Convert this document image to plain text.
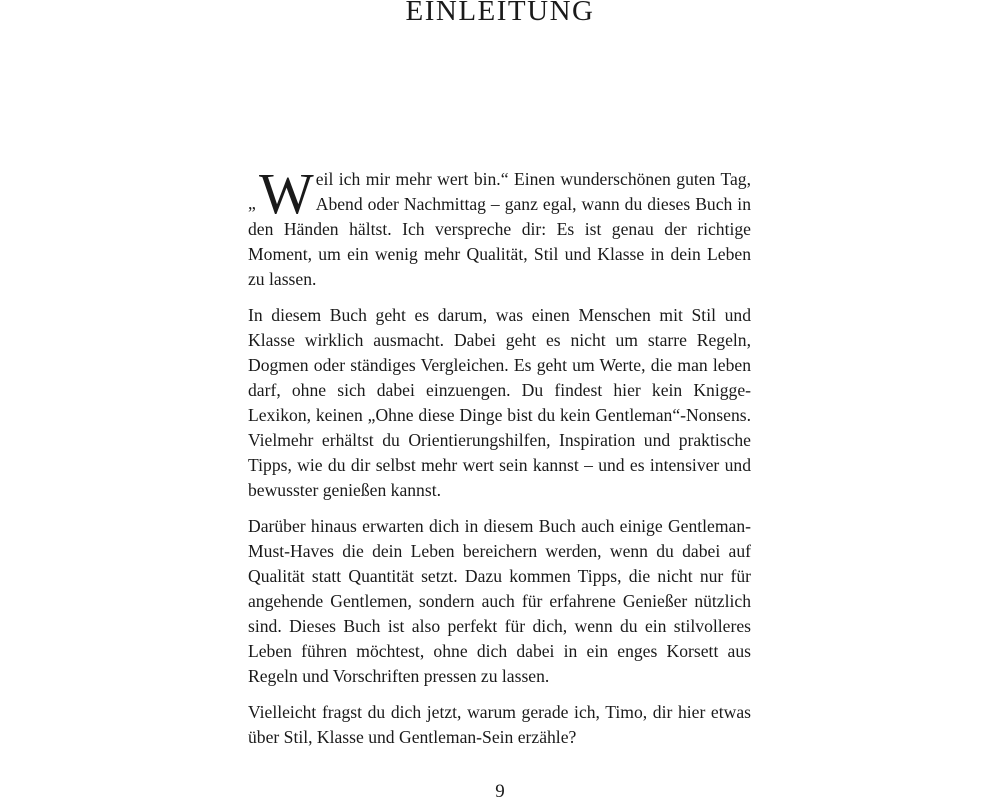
EINLEITUNG

„ W eil ich mir mehr wert bin.“ Einen wunderschönen guten Tag, Abend oder Nachmittag – ganz egal, wann du dieses Buch in den Händen hältst. Ich verspreche dir: Es ist genau der richtige Moment, um ein wenig mehr Qualität, Stil und Klasse in dein Leben zu lassen.

In diesem Buch geht es darum, was einen Menschen mit Stil und Klasse wirklich ausmacht. Dabei geht es nicht um starre Regeln, Dogmen oder ständiges Vergleichen. Es geht um Werte, die man leben darf, ohne sich dabei einzuengen. Du findest hier kein Knigge-Lexikon, keinen „Ohne diese Dinge bist du kein Gentleman“-Nonsens. Vielmehr erhältst du Orientierungshilfen, Inspiration und praktische Tipps, wie du dir selbst mehr wert sein kannst – und es intensiver und bewusster genießen kannst.

Darüber hinaus erwarten dich in diesem Buch auch einige Gentleman-Must-Haves die dein Leben bereichern werden, wenn du dabei auf Qualität statt Quantität setzt. Dazu kommen Tipps, die nicht nur für angehende Gentlemen, sondern auch für erfahrene Genießer nützlich sind. Dieses Buch ist also perfekt für dich, wenn du ein stilvolleres Leben führen möchtest, ohne dich dabei in ein enges Korsett aus Regeln und Vorschriften pressen zu lassen.

Vielleicht fragst du dich jetzt, warum gerade ich, Timo, dir hier etwas über Stil, Klasse und Gentleman-Sein erzähle?

9
